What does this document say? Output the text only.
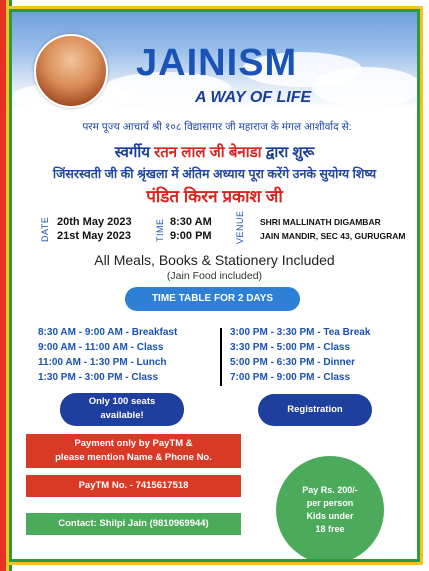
JAINISM
A WAY OF LIFE
परम पूज्य आचार्य श्री १०८ विद्यासागर जी महाराज के मंगल आशीर्वाद से:
स्वर्गीय रतन लाल जी बेनाडा द्वारा शुरू
जिंसरस्वती जी की श्रृंखला में अंतिम अध्याय पूरा करेंगे उनके सुयोग्य शिष्य
पंडित किरन प्रकाश जी
DATE 20th May 2023
21st May 2023	TIME 8:30 AM
9:00 PM	VENUE SHRI MALLINATH DIGAMBAR
JAIN MANDIR, SEC 43, GURUGRAM
All Meals, Books & Stationery Included
(Jain Food included)
TIME TABLE FOR 2 DAYS
8:30 AM - 9:00 AM - Breakfast
9:00 AM - 11:00 AM - Class
11:00 AM - 1:30 PM - Lunch
1:30 PM - 3:00 PM - Class
3:00 PM - 3:30 PM - Tea Break
3:30 PM - 5:00 PM - Class
5:00 PM - 6:30 PM - Dinner
7:00 PM - 9:00 PM - Class
Only 100 seats
available!
Registration
Payment only by PayTM &
please mention Name & Phone No.
PayTM No. - 7415617518
Contact: Shilpi Jain (9810969944)
Pay Rs. 200/-
per person
Kids under
18 free
